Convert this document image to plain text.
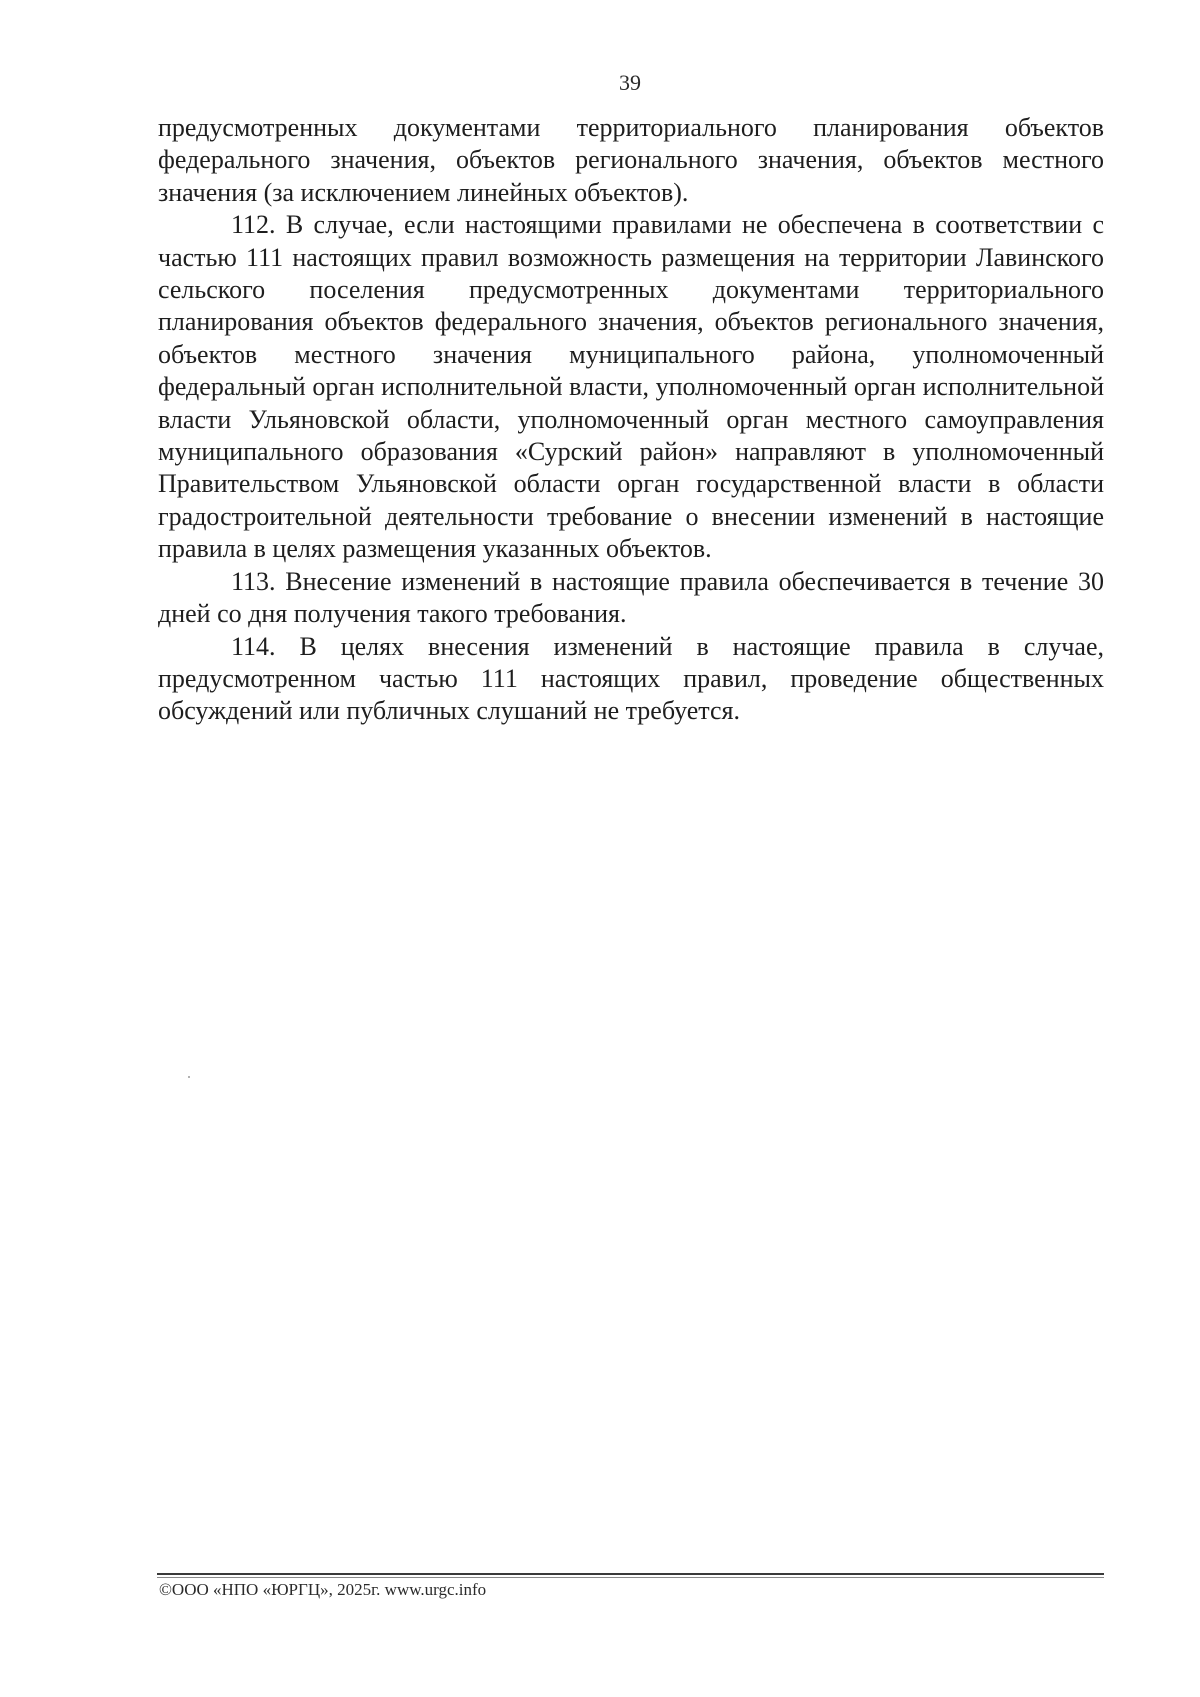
39

предусмотренных документами территориального планирования объектов федерального значения, объектов регионального значения, объектов местного значения (за исключением линейных объектов).

112. В случае, если настоящими правилами не обеспечена в соответствии с частью 111 настоящих правил возможность размещения на территории Лавинского сельского поселения предусмотренных документами территориального планирования объектов федерального значения, объектов регионального значения, объектов местного значения муниципального района, уполномоченный федеральный орган исполнительной власти, уполномоченный орган исполнительной власти Ульяновской области, уполномоченный орган местного самоуправления муниципального образования «Сурский район» направляют в уполномоченный Правительством Ульяновской области орган государственной власти в области градостроительной деятельности требование о внесении изменений в настоящие правила в целях размещения указанных объектов.

113. Внесение изменений в настоящие правила обеспечивается в течение 30 дней со дня получения такого требования.

114. В целях внесения изменений в настоящие правила в случае, предусмотренном частью 111 настоящих правил, проведение общественных обсуждений или публичных слушаний не требуется.

©ООО «НПО «ЮРГЦ», 2025г. www.urgc.info
